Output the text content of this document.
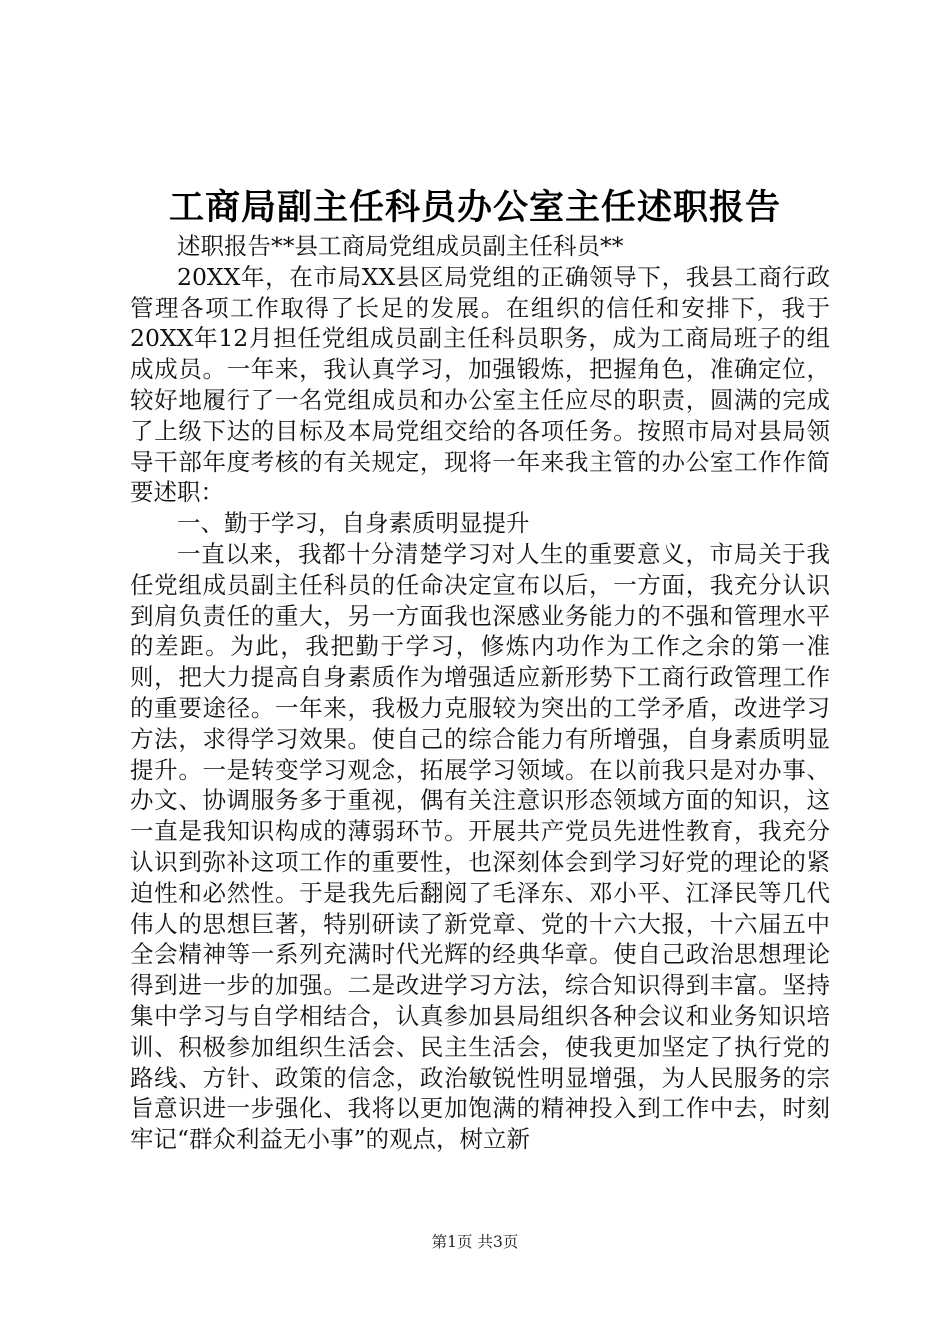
工商局副主任科员办公室主任述职报告

述职报告**县工商局党组成员副主任科员**

20XX年，在市局XX县区局党组的正确领导下，我县工商行政管理各项工作取得了长足的发展。在组织的信任和安排下，我于20XX年12月担任党组成员副主任科员职务，成为工商局班子的组成成员。一年来，我认真学习，加强锻炼，把握角色，准确定位，较好地履行了一名党组成员和办公室主任应尽的职责，圆满的完成了上级下达的目标及本局党组交给的各项任务。按照市局对县局领导干部年度考核的有关规定，现将一年来我主管的办公室工作作简要述职：

一、勤于学习，自身素质明显提升

一直以来，我都十分清楚学习对人生的重要意义，市局关于我任党组成员副主任科员的任命决定宣布以后，一方面，我充分认识到肩负责任的重大，另一方面我也深感业务能力的不强和管理水平的差距。为此，我把勤于学习，修炼内功作为工作之余的第一准则，把大力提高自身素质作为增强适应新形势下工商行政管理工作的重要途径。一年来，我极力克服较为突出的工学矛盾，改进学习方法，求得学习效果。使自己的综合能力有所增强，自身素质明显提升。一是转变学习观念，拓展学习领域。在以前我只是对办事、办文、协调服务多于重视，偶有关注意识形态领域方面的知识，这一直是我知识构成的薄弱环节。开展共产党员先进性教育，我充分认识到弥补这项工作的重要性，也深刻体会到学习好党的理论的紧迫性和必然性。于是我先后翻阅了毛泽东、邓小平、江泽民等几代伟人的思想巨著，特别研读了新党章、党的十六大报，十六届五中全会精神等一系列充满时代光辉的经典华章。使自己政治思想理论得到进一步的加强。二是改进学习方法，综合知识得到丰富。坚持集中学习与自学相结合，认真参加县局组织各种会议和业务知识培训、积极参加组织生活会、民主生活会，使我更加坚定了执行党的路线、方针、政策的信念，政治敏锐性明显增强，为人民服务的宗旨意识进一步强化、我将以更加饱满的精神投入到工作中去，时刻牢记“群众利益无小事”的观点，树立新

第1页 共3页
